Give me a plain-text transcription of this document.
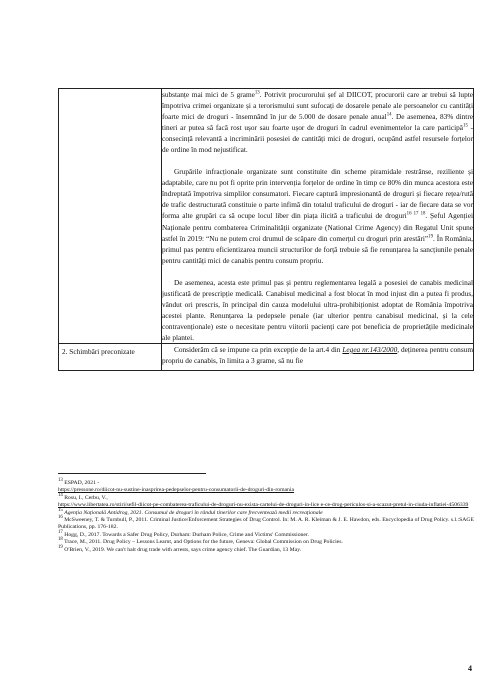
	substanțe mai mici de 5 grame$^{13}$. Potrivit procurorului șef al DIICOT, procurorii care ar trebui să lupte împotriva crimei organizate și a terorismului sunt sufocați de dosarele penale ale persoanelor cu cantități foarte mici de droguri - însemnând în jur de 5.000 de dosare penale anual$^{14}$. De asemenea, 83% dintre tineri ar putea să facă rost ușor sau foarte ușor de droguri în cadrul evenimentelor la care participă$^{15}$ - consecință relevantă a incriminării posesiei de cantități mici de droguri, ocupând astfel resursele forțelor de ordine în mod nejustificat.

Grupările infracționale organizate sunt constituite din scheme piramidale restrânse, reziliente și adaptabile, care nu pot fi oprite prin intervenția forțelor de ordine în timp ce 80% din munca acestora este îndreptată împotriva simplilor consumatori. Fiecare captură impresionantă de droguri și fiecare rețea/rută de trafic destructurată constituie o parte infimă din totalul traficului de droguri - iar de fiecare data se vor forma alte grupări ca să ocupe locul liber din piața ilicită a traficului de droguri$^{16 17 18}$. Șeful Agenției Naționale pentru combaterea Criminalității organizate (National Crime Agency) din Regatul Unit spune astfel în 2019: “Nu ne putem croi drumul de scăpare din comerțul cu droguri prin arestări”$^{19}$. În România, primul pas pentru eficientizarea muncii structurilor de forță trebuie să fie renunțarea la sancțiunile penale pentru cantități mici de canabis pentru consum propriu.

De asemenea, acesta este primul pas și pentru reglementarea legală a posesiei de canabis medicinal justificată de prescripție medicală. Canabisul medicinal a fost blocat în mod injust din a putea fi produs, vândut ori prescris, în principal din cauza modelului ultra-prohibiționist adoptat de România împotriva acestei plante. Renunțarea la pedepsele penale (iar ulterior pentru canabisul medicinal, și la cele contravenționale) este o necesitate pentru viitorii pacienți care pot beneficia de proprietățile medicinale ale plantei.

2. Schimbări preconizate	Considerăm că se impune ca prin excepție de la art.4 din Legea nr.143/2000, deținerea pentru consum propriu de canabis, în limita a 3 grame, să nu fie

$^{13}$ ESPAD, 2021 -

https://pressone.ro/diicot-nu-sustine-inasprirea-pedepselor-pentru-consumatorii-de-droguri-din-romania

$^{14}$ Rosu, I., Cerbu, V.,

https://www.libertatea.ro/stiri/sefil-diicot-pe-combaterea-traficului-de-droguri-nu-exista-cartelui-de-droguri-in-lice e-ce-drog-periculos-si-a-scazut-pretul-in-ciuda-inflatiei-4506339

$^{15}$ Agenția Națională Antidrog, 2021. Consumul de droguri în rândul tinerilor care frecventează medii recreaționale

$^{16}$ McSweeney, T. & Turnbull, P., 2011. Criminal Justice/Enforcement Strategies of Drug Control. In: M. A. R. Kleiman & J. E. Hawdon, eds. Encyclopedia of Drug Policy. s.l.:SAGE Publications, pp. 176-182.

$^{17}$ Hogg, D., 2017. Towards a Safer Drug Policy, Durham: Durham Police, Crime and Victims' Commissioner.

$^{18}$ Trace, M., 2011. Drug Policy – Lessons Learnt, and Options for the future, Geneva: Global Commission on Drug Policies.

$^{19}$ O'Brien, V., 2019. We can't halt drug trade with arrests, says crime agency chief. The Guardian, 13 May.

4
